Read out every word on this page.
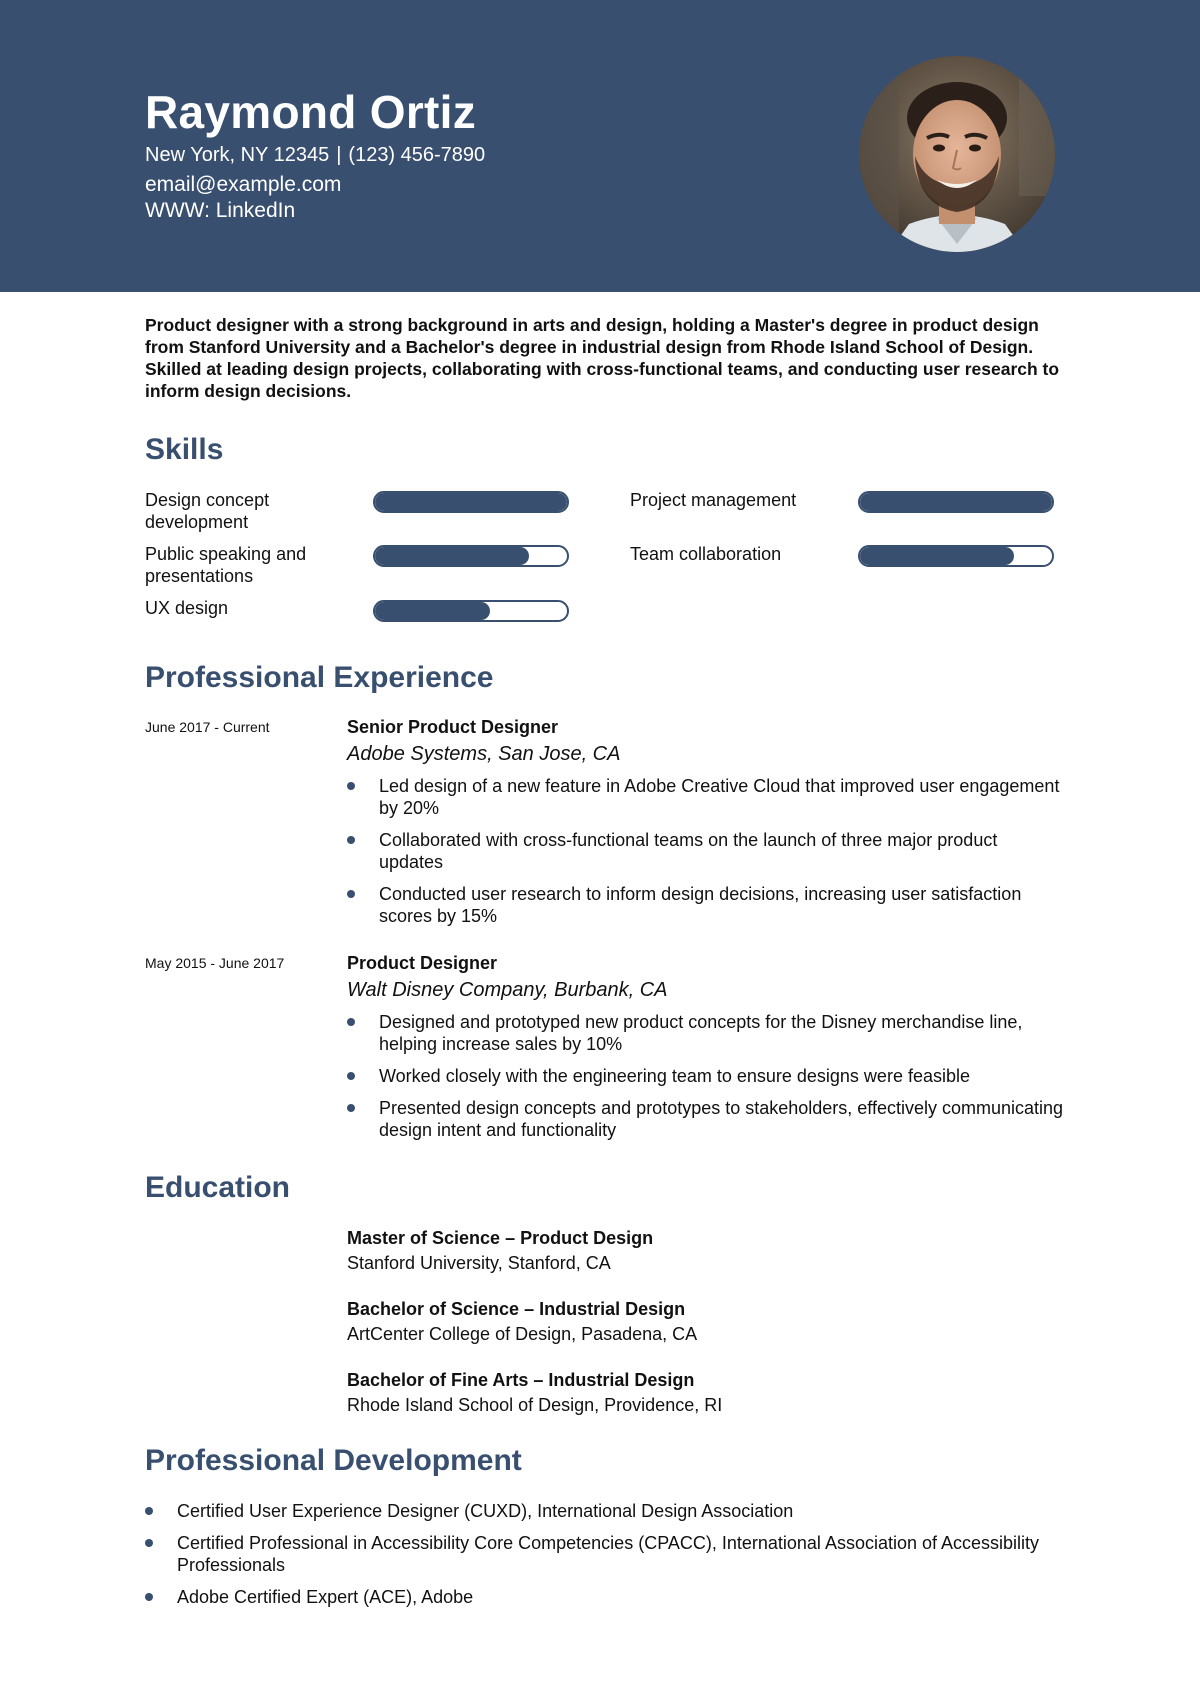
Raymond Ortiz
New York, NY 12345 | (123) 456-7890
email@example.com
WWW: LinkedIn
Product designer with a strong background in arts and design, holding a Master's degree in product design from Stanford University and a Bachelor's degree in industrial design from Rhode Island School of Design. Skilled at leading design projects, collaborating with cross-functional teams, and conducting user research to inform design decisions.
Skills
Design concept development
Project management
Public speaking and presentations
Team collaboration
UX design
Professional Experience
June 2017 - Current	Senior Product Designer
Adobe Systems, San Jose, CA
Led design of a new feature in Adobe Creative Cloud that improved user engagement by 20%
Collaborated with cross-functional teams on the launch of three major product updates
Conducted user research to inform design decisions, increasing user satisfaction scores by 15%
May 2015 - June 2017	Product Designer
Walt Disney Company, Burbank, CA
Designed and prototyped new product concepts for the Disney merchandise line, helping increase sales by 10%
Worked closely with the engineering team to ensure designs were feasible
Presented design concepts and prototypes to stakeholders, effectively communicating design intent and functionality
Education
Master of Science – Product Design
Stanford University, Stanford, CA
Bachelor of Science – Industrial Design
ArtCenter College of Design, Pasadena, CA
Bachelor of Fine Arts – Industrial Design
Rhode Island School of Design, Providence, RI
Professional Development
Certified User Experience Designer (CUXD), International Design Association
Certified Professional in Accessibility Core Competencies (CPACC), International Association of Accessibility Professionals
Adobe Certified Expert (ACE), Adobe
